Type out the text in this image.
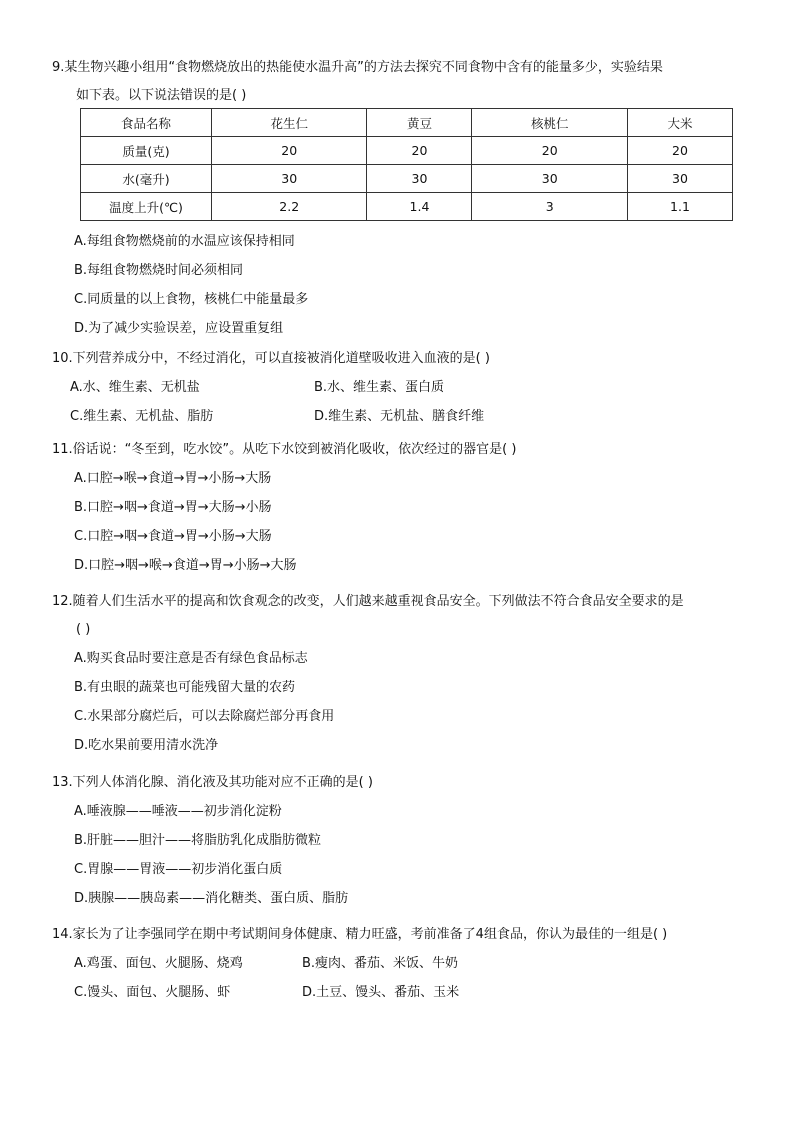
9.某生物兴趣小组用“食物燃烧放出的热能使水温升高”的方法去探究不同食物中含有的能量多少，实验结果
如下表。以下说法错误的是( )
食品名称	花生仁	黄豆	核桃仁	大米
质量(克)	20	20	20	20
水(毫升)	30	30	30	30
温度上升(℃)	2.2	1.4	3	1.1
A.每组食物燃烧前的水温应该保持相同
B.每组食物燃烧时间必须相同
C.同质量的以上食物，核桃仁中能量最多
D.为了减少实验误差，应设置重复组
10.下列营养成分中，不经过消化，可以直接被消化道壁吸收进入血液的是( )
A.水、维生素、无机盐	B.水、维生素、蛋白质
C.维生素、无机盐、脂肪	D.维生素、无机盐、膳食纤维
11.俗话说：“冬至到，吃水饺”。从吃下水饺到被消化吸收，依次经过的器官是( )
A.口腔→喉→食道→胃→小肠→大肠
B.口腔→咽→食道→胃→大肠→小肠
C.口腔→咽→食道→胃→小肠→大肠
D.口腔→咽→喉→食道→胃→小肠→大肠
12.随着人们生活水平的提高和饮食观念的改变，人们越来越重视食品安全。下列做法不符合食品安全要求的是
( )
A.购买食品时要注意是否有绿色食品标志
B.有虫眼的蔬菜也可能残留大量的农药
C.水果部分腐烂后，可以去除腐烂部分再食用
D.吃水果前要用清水洗净
13.下列人体消化腺、消化液及其功能对应不正确的是( )
A.唾液腺——唾液——初步消化淀粉
B.肝脏——胆汁——将脂肪乳化成脂肪微粒
C.胃腺——胃液——初步消化蛋白质
D.胰腺——胰岛素——消化糖类、蛋白质、脂肪
14.家长为了让李强同学在期中考试期间身体健康、精力旺盛，考前准备了4组食品，你认为最佳的一组是( )
A.鸡蛋、面包、火腿肠、烧鸡	B.瘦肉、番茄、米饭、牛奶
C.馒头、面包、火腿肠、虾	D.土豆、馒头、番茄、玉米
